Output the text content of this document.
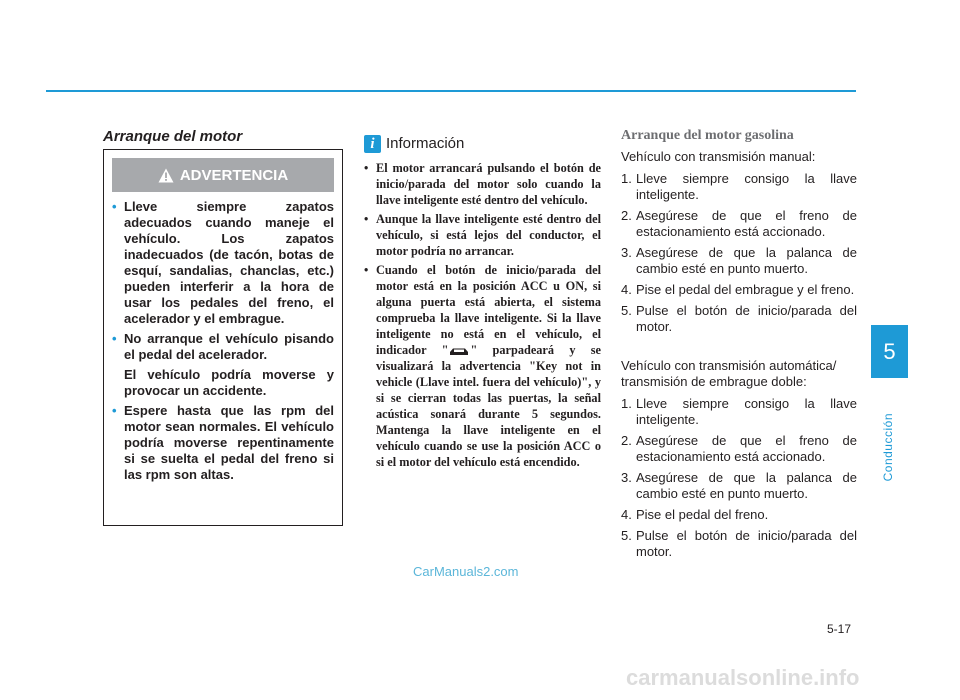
5
Conducción
Arranque del motor
ADVERTENCIA
• Lleve siempre zapatos adecuados cuando maneje el vehículo. Los zapatos inadecuados (de tacón, botas de esquí, sandalias, chanclas, etc.) pueden interferir a la hora de usar los pedales del freno, el acelerador y el embrague.
• No arranque el vehículo pisando el pedal del acelerador.
El vehículo podría moverse y provocar un accidente.
• Espere hasta que las rpm del motor sean normales. El vehículo podría moverse repentinamente si se suelta el pedal del freno si las rpm son altas.
i Información
• El motor arrancará pulsando el botón de inicio/parada del motor solo cuando la llave inteligente esté dentro del vehículo.
• Aunque la llave inteligente esté dentro del vehículo, si está lejos del conductor, el motor podría no arrancar.
• Cuando el botón de inicio/parada del motor está en la posición ACC u ON, si alguna puerta está abierta, el sistema comprueba la llave inteligente. Si la llave inteligente no está en el vehículo, el indicador " " parpadeará y se visualizará la advertencia "Key not in vehicle (Llave intel. fuera del vehículo)", y si se cierran todas las puertas, la señal acústica sonará durante 5 segundos. Mantenga la llave inteligente en el vehículo cuando se use la posición ACC o si el motor del vehículo está encendido.
Arranque del motor gasolina
Vehículo con transmisión manual:
1. Lleve siempre consigo la llave inteligente.
2. Asegúrese de que el freno de estacionamiento está accionado.
3. Asegúrese de que la palanca de cambio esté en punto muerto.
4. Pise el pedal del embrague y el freno.
5. Pulse el botón de inicio/parada del motor.
Vehículo con transmisión automática/ transmisión de embrague doble:
1. Lleve siempre consigo la llave inteligente.
2. Asegúrese de que el freno de estacionamiento está accionado.
3. Asegúrese de que la palanca de cambio esté en punto muerto.
4. Pise el pedal del freno.
5. Pulse el botón de inicio/parada del motor.
5-17
CarManuals2.com
carmanualsonline.info
